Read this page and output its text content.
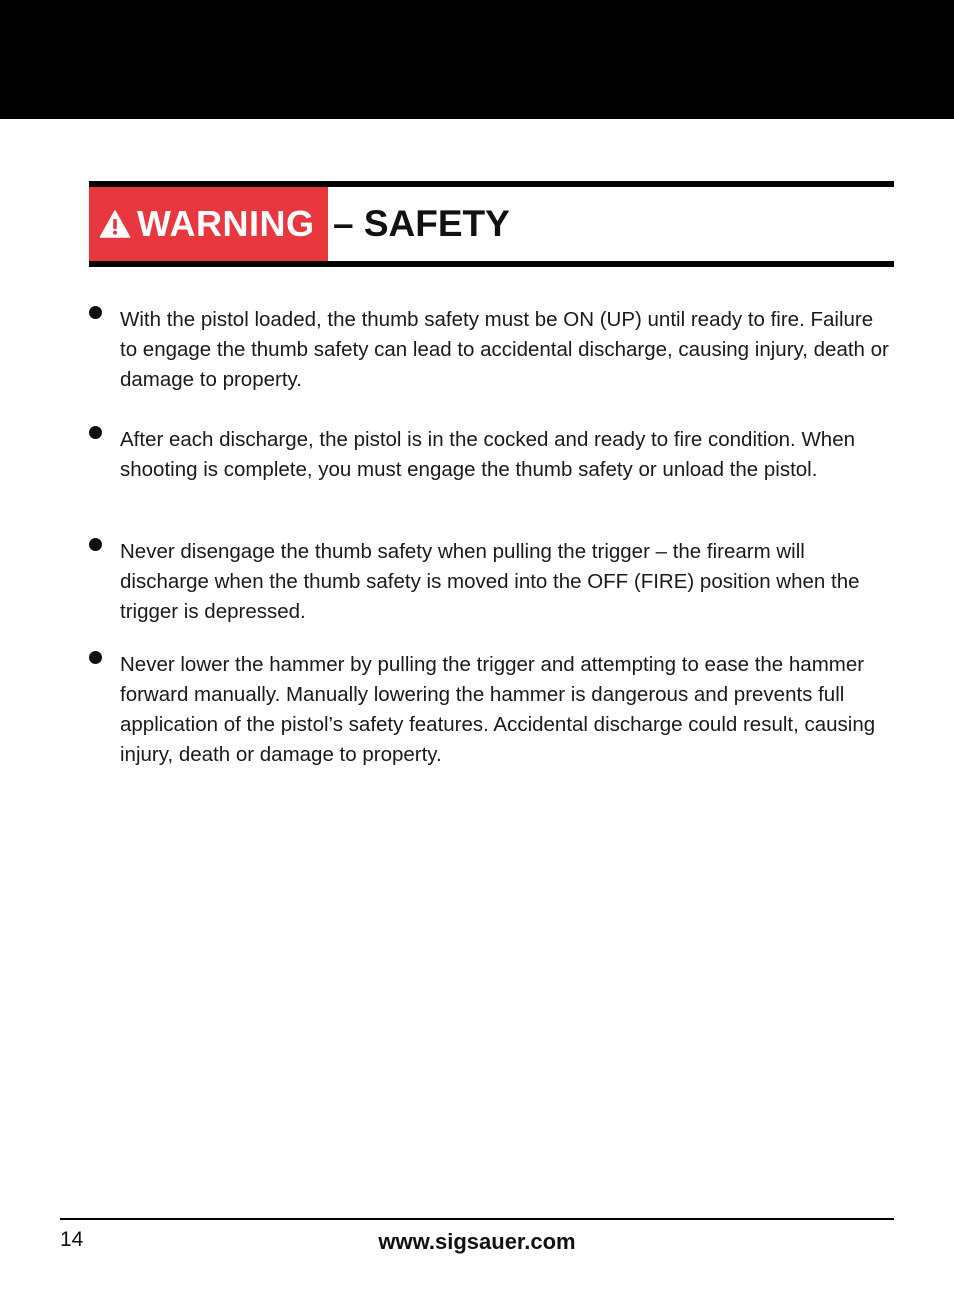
WARNING – SAFETY
With the pistol loaded, the thumb safety must be ON (UP) until ready to fire. Failure to engage the thumb safety can lead to accidental discharge, causing injury, death or damage to property.
After each discharge, the pistol is in the cocked and ready to fire condition. When shooting is complete, you must engage the thumb safety or unload the pistol.
Never disengage the thumb safety when pulling the trigger – the firearm will discharge when the thumb safety is moved into the OFF (FIRE) position when the trigger is depressed.
Never lower the hammer by pulling the trigger and attempting to ease the hammer forward manually. Manually lowering the hammer is dangerous and prevents full application of the pistol’s safety features. Accidental discharge could result, causing injury, death or damage to property.
14	www.sigsauer.com
